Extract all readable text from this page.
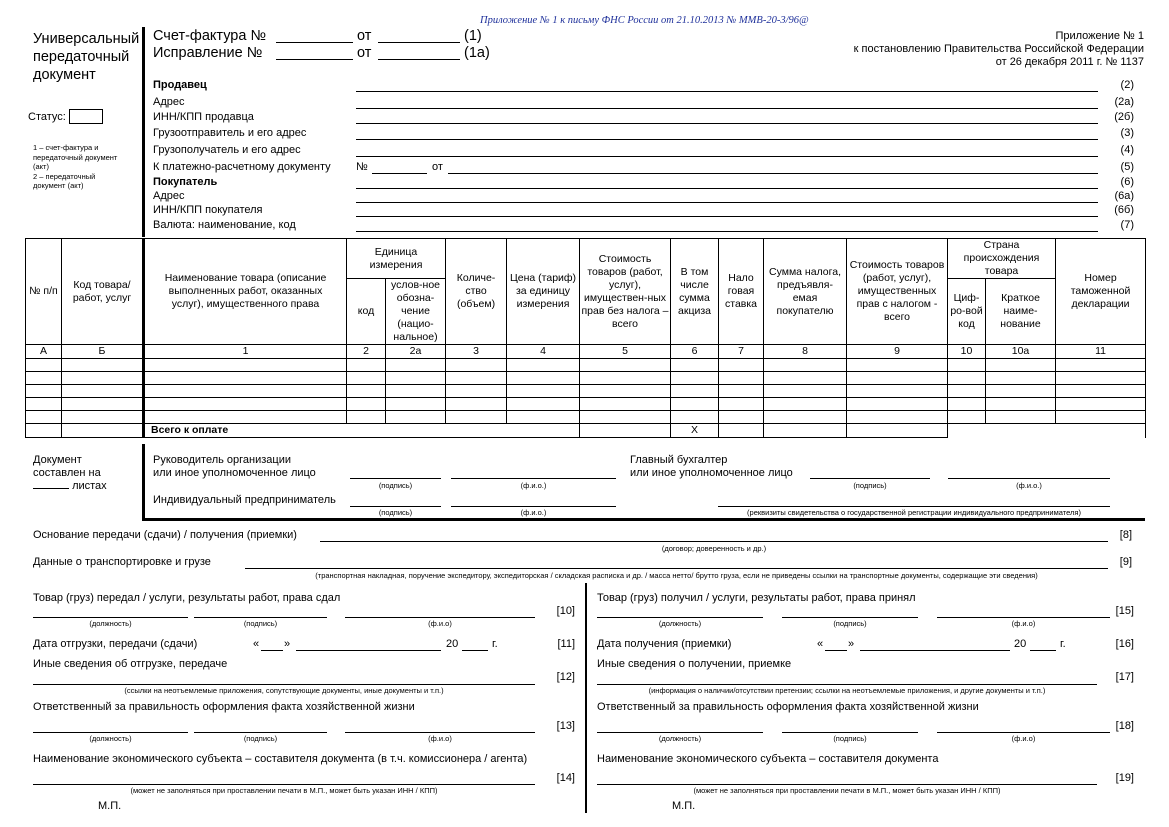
Приложение № 1 к письму ФНС России от 21.10.2013 № ММВ-20-3/96@
Приложение № 1
к постановлению Правительства Российской Федерации
от 26 декабря 2011 г. № 1137
Универсальный
передаточный
документ
Статус:
1 – счет-фактура и
передаточный документ
(акт)
2 – передаточный
документ (акт)
Счет-фактура №	от	(1)
Исправление №	от	(1а)
Продавец	(2)
Адрес	(2а)
ИНН/КПП продавца	(2б)
Грузоотправитель и его адрес	(3)
Грузополучатель и его адрес	(4)
К платежно-расчетному документу №	от	(5)
Покупатель	(6)
Адрес	(6а)
ИНН/КПП покупателя	(6б)
Валюта: наименование, код	(7)
№ п/п	Код товара/ работ, услуг	Наименование товара (описание выполненных работ, оказанных услуг), имущественного права	Единица измерения		Количе-ство (объем)	Цена (тариф) за единицу измерения	Стоимость товаров (работ, услуг), имуществен-ных прав без налога – всего	В том числе сумма акциза	Нало говая ставка	Сумма налога, предъявля-емая покупателю	Стоимость товаров (работ, услуг), имущественных прав с налогом - всего	Страна происхождения товара		Номер таможенной декларации
			код	услов-ное обозна-чение (нацио-нальное)								Циф-ро-вой код	Краткое наиме-нование	
А	Б	1	2	2а	3	4	5	6	7	8	9	10	10а	11

		Всего к оплате						X						
Документ
составлен на
листах
Руководитель организации
или иное уполномоченное лицо
(подпись)	(ф.и.о.)
Главный бухгалтер
или иное уполномоченное лицо
(подпись)	(ф.и.о.)
Индивидуальный предприниматель
(подпись)	(ф.и.о.)	(реквизиты свидетельства о государственной регистрации индивидуального предпринимателя)
Основание передачи (сдачи) / получения (приемки)
(договор; доверенность и др.)
[8]
Данные о транспортировке и грузе
(транспортная накладная, поручение экспедитору, экспедиторская / складская расписка и др. / масса нетто/ брутто груза, если не приведены ссылки на транспортные документы, содержащие эти сведения)
[9]
Товар (груз) передал / услуги, результаты работ, права сдал
(должность)	(подпись)	(ф.и.о)
[10]
Дата отгрузки, передачи (сдачи)	« »	20	г.	[11]
Иные сведения об отгрузке, передаче
(ссылки на неотъемлемые приложения, сопутствующие документы, иные документы и т.п.)
[12]
Ответственный за правильность оформления факта хозяйственной жизни
(должность)	(подпись)	(ф.и.о)
[13]
Наименование экономического субъекта – составителя документа (в т.ч. комиссионера / агента)
(может не заполняться при проставлении печати в М.П., может быть указан ИНН / КПП)
[14]
М.П.
Товар (груз) получил / услуги, результаты работ, права принял
(должность)	(подпись)	(ф.и.о)
[15]
Дата получения (приемки)	« »	20	г.	[16]
Иные сведения о получении, приемке
(информация о наличии/отсутствии претензии; ссылки на неотъемлемые приложения, и другие документы и т.п.)
[17]
Ответственный за правильность оформления факта хозяйственной жизни
(должность)	(подпись)	(ф.и.о)
[18]
Наименование экономического субъекта – составителя документа
(может не заполняться при проставлении печати в М.П., может быть указан ИНН / КПП)
[19]
М.П.
